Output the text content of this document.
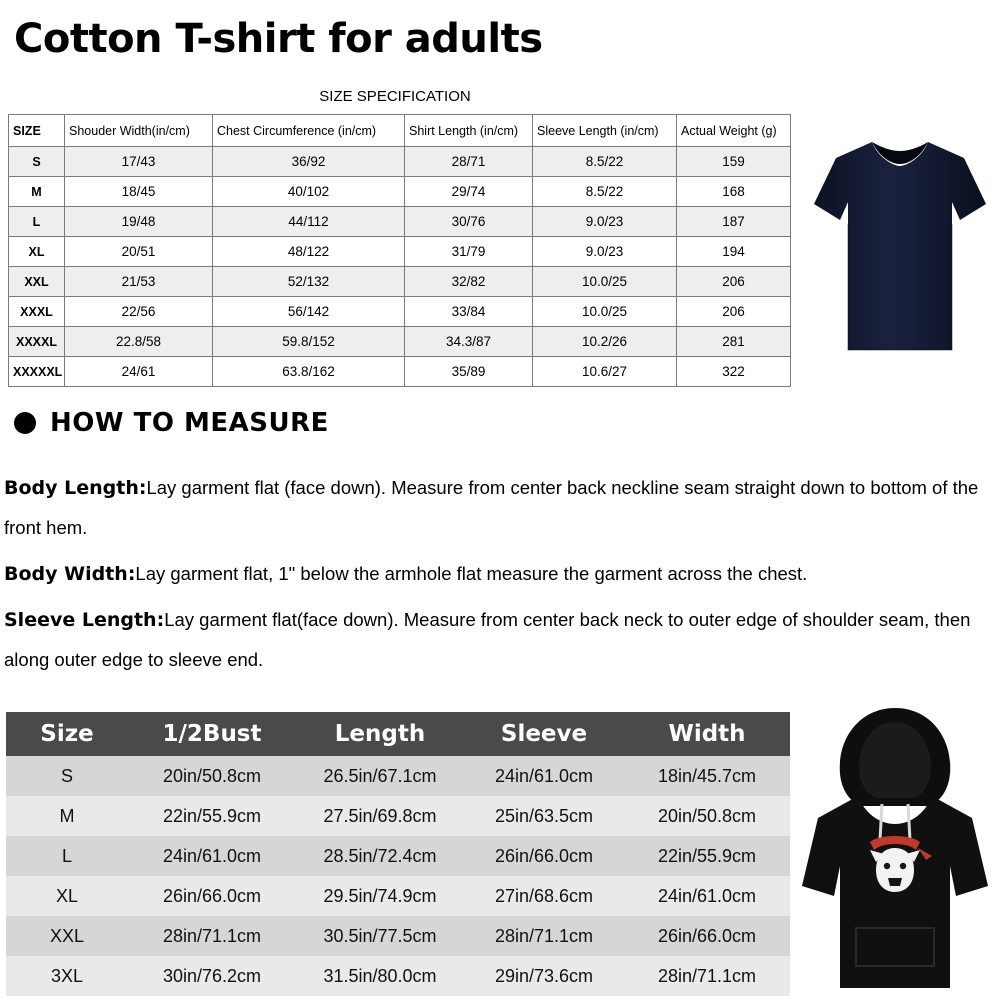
Cotton T-shirt for adults
SIZE SPECIFICATION
SIZE	Shouder Width(in/cm)	Chest Circumference (in/cm)	Shirt Length (in/cm)	Sleeve Length (in/cm)	Actual Weight (g)
S	17/43	36/92	28/71	8.5/22	159
M	18/45	40/102	29/74	8.5/22	168
L	19/48	44/112	30/76	9.0/23	187
XL	20/51	48/122	31/79	9.0/23	194
XXL	21/53	52/132	32/82	10.0/25	206
XXXL	22/56	56/142	33/84	10.0/25	206
XXXXL	22.8/58	59.8/152	34.3/87	10.2/26	281
XXXXXL	24/61	63.8/162	35/89	10.6/27	322
HOW TO MEASURE

Body Length:Lay garment flat (face down). Measure from center back neckline seam straight down to bottom of the front hem.

Body Width:Lay garment flat, 1" below the armhole flat measure the garment across the chest.

Sleeve Length:Lay garment flat(face down). Measure from center back neck to outer edge of shoulder seam, then along outer edge to sleeve end.

Size	1/2Bust	Length	Sleeve	Width
S	20in/50.8cm	26.5in/67.1cm	24in/61.0cm	18in/45.7cm
M	22in/55.9cm	27.5in/69.8cm	25in/63.5cm	20in/50.8cm
L	24in/61.0cm	28.5in/72.4cm	26in/66.0cm	22in/55.9cm
XL	26in/66.0cm	29.5in/74.9cm	27in/68.6cm	24in/61.0cm
XXL	28in/71.1cm	30.5in/77.5cm	28in/71.1cm	26in/66.0cm
3XL	30in/76.2cm	31.5in/80.0cm	29in/73.6cm	28in/71.1cm
